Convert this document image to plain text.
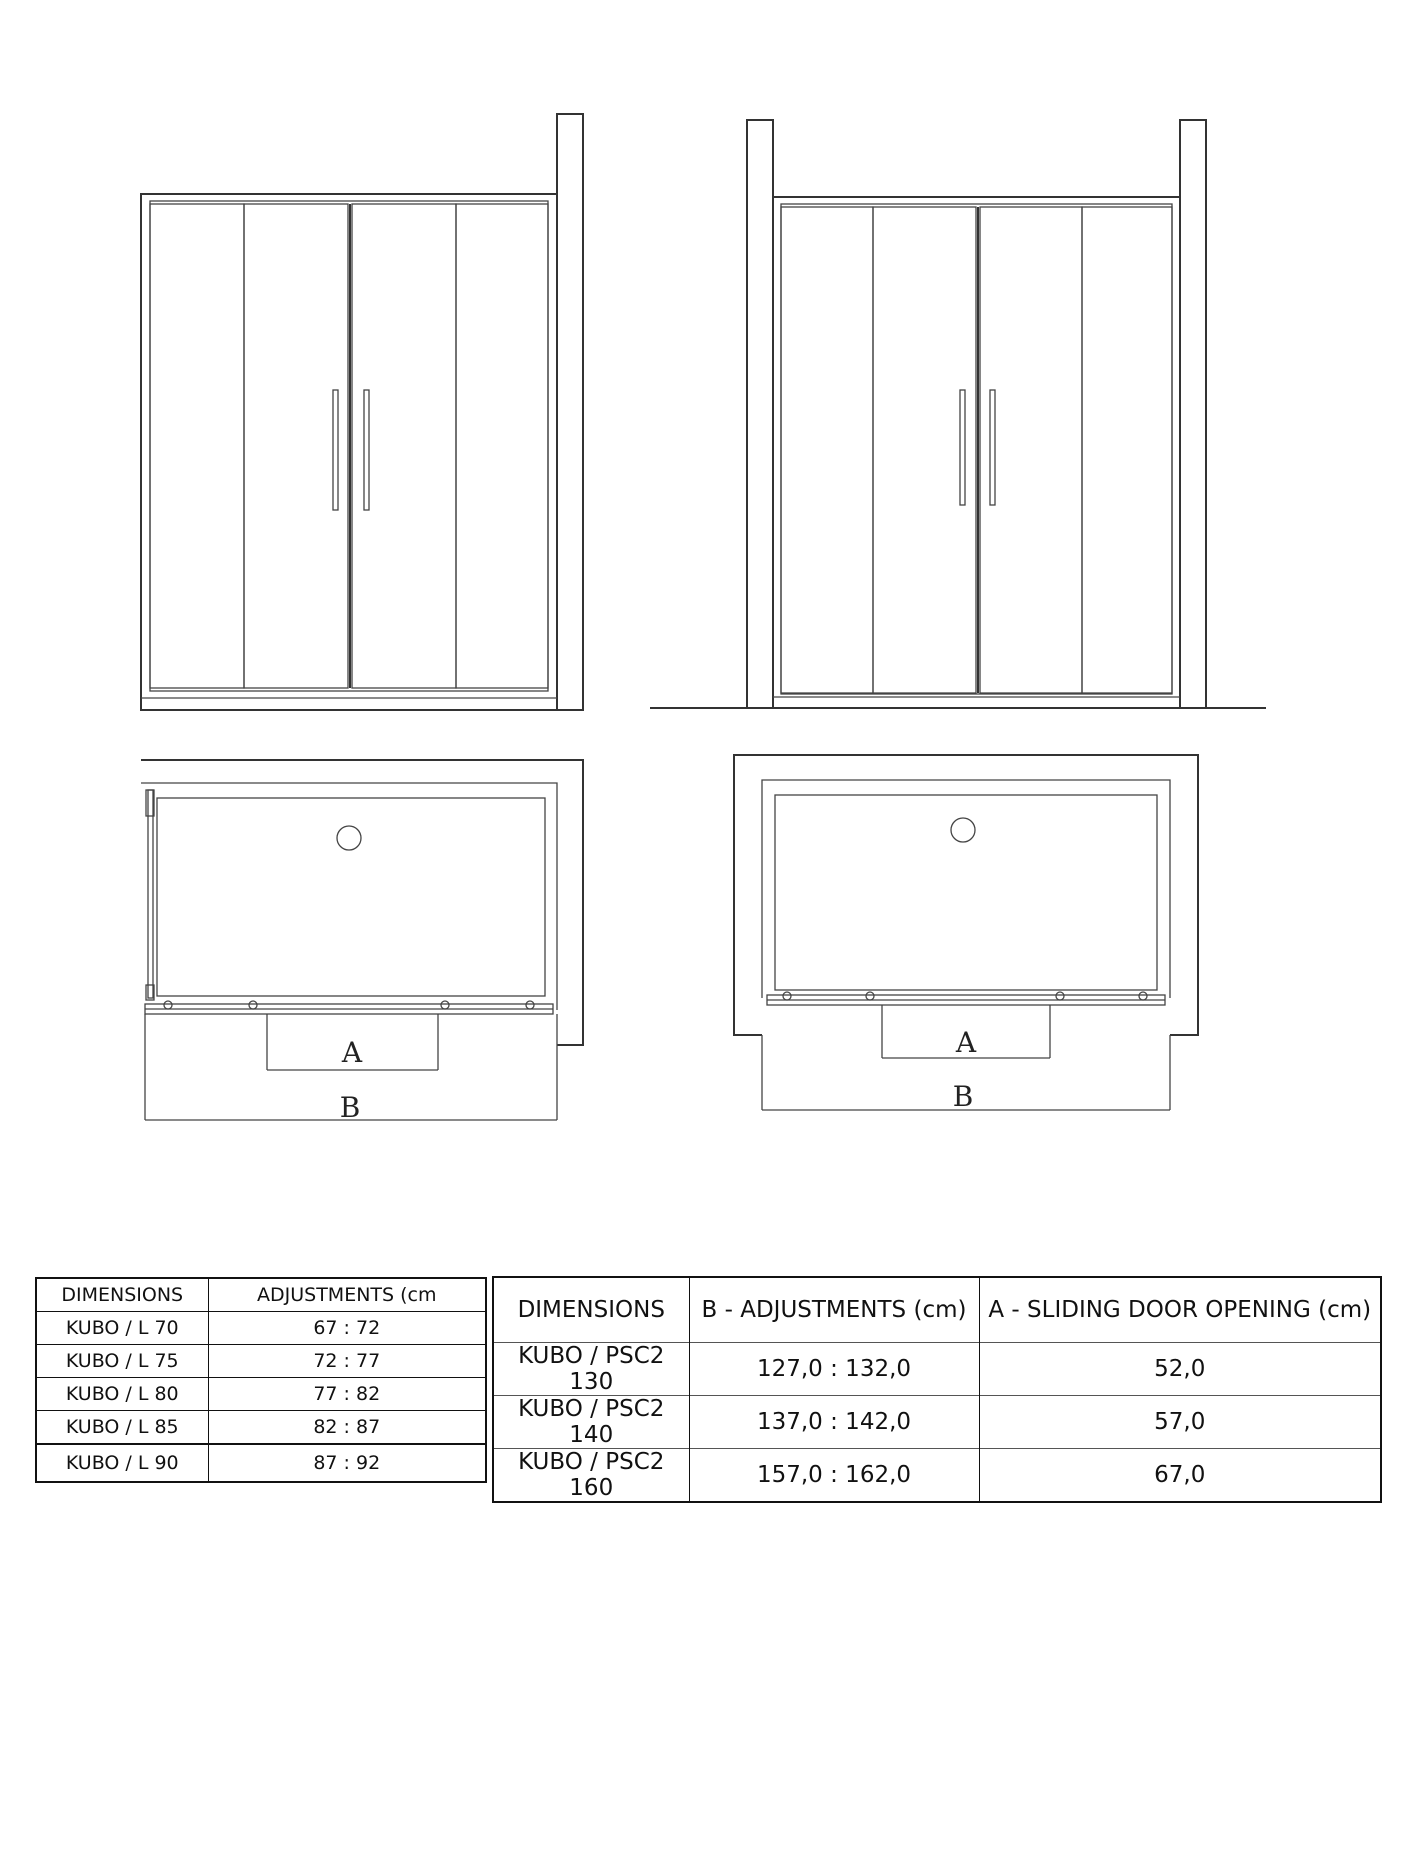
A
B
A
B
DIMENSIONS	ADJUSTMENTS (cm
KUBO / L 70	67 : 72
KUBO / L 75	72 : 77
KUBO / L 80	77 : 82
KUBO / L 85	82 : 87
KUBO / L 90	87 : 92
DIMENSIONS	B - ADJUSTMENTS (cm)	A - SLIDING DOOR OPENING (cm)
KUBO / PSC2 130	127,0 : 132,0	52,0
KUBO / PSC2 140	137,0 : 142,0	57,0
KUBO / PSC2 160	157,0 : 162,0	67,0
